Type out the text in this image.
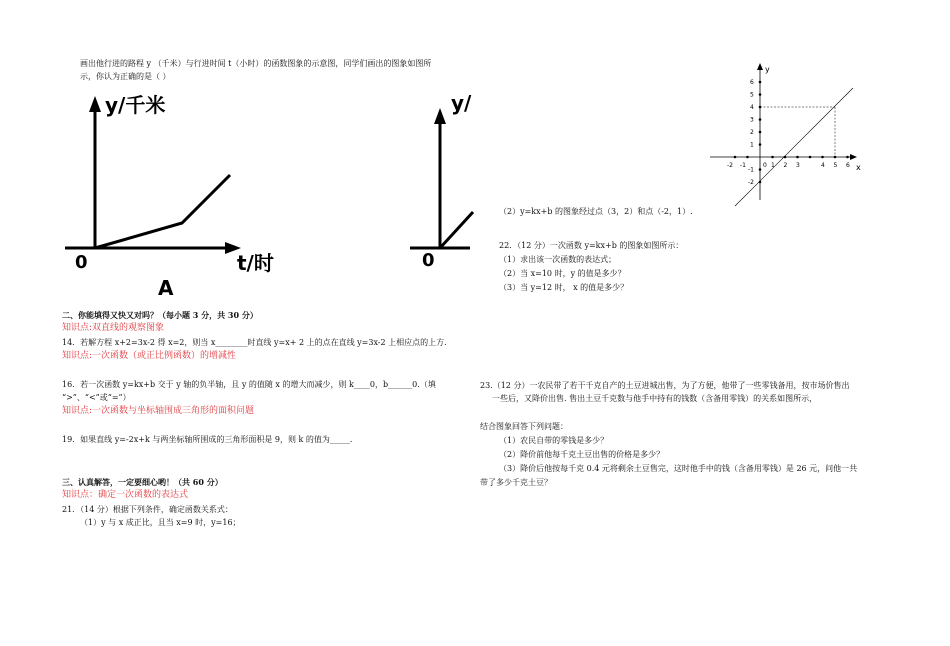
画出他行进的路程 y （千米）与行进时间 t（小时）的函数图象的示意图，同学们画出的图象如图所
示，你认为正确的是（ ）
y/千米
0	t/时
A
y/
0
二、你能填得又快又对吗？（每小题 3 分，共 30 分）
知识点:双直线的观察图象
14．若解方程 x+2=3x-2 得 x=2，则当 x________时直线 y=x+ 2 上的点在直线 y=3x-2 上相应点的上方.
知识点:一次函数（或正比例函数）的增减性
16．若一次函数 y=kx+b 交于 y 轴的负半轴，且 y 的值随 x 的增大而减少，则 k____0，b______0.（填
“>”、“<”或“=”）
知识点:一次函数与坐标轴围成三角形的面积问题
19．如果直线 y=-2x+k 与两坐标轴所围成的三角形面积是 9，则 k 的值为_____.
三、认真解答，一定要细心哟！（共 60 分）
知识点：确定一次函数的表达式
21．（14 分）根据下列条件，确定函数关系式：
（1）y 与 x 成正比，且当 x=9 时，y=16；
y
x
6
5
4
3
2
1
-1
-2
-2 -1	0 1 2 3	4 5 6
（2）y=kx+b 的图象经过点（3，2）和点（-2，1）.
22．（12 分）一次函数 y=kx+b 的图象如图所示：
（1）求出该一次函数的表达式；
（2）当 x=10 时，y 的值是多少？
（3）当 y=12 时， x 的值是多少？
23.（12 分）一农民带了若干千克自产的土豆进城出售，为了方便，他带了一些零钱备用，按市场价售出
一些后，又降价出售. 售出土豆千克数与他手中持有的钱数（含备用零钱）的关系如图所示，
结合图象回答下列问题：
（1）农民自带的零钱是多少？
（2）降价前他每千克土豆出售的价格是多少？
（3）降价后他按每千克 0.4 元将剩余土豆售完，这时他手中的钱（含备用零钱）是 26 元，问他一共
带了多少千克土豆？
